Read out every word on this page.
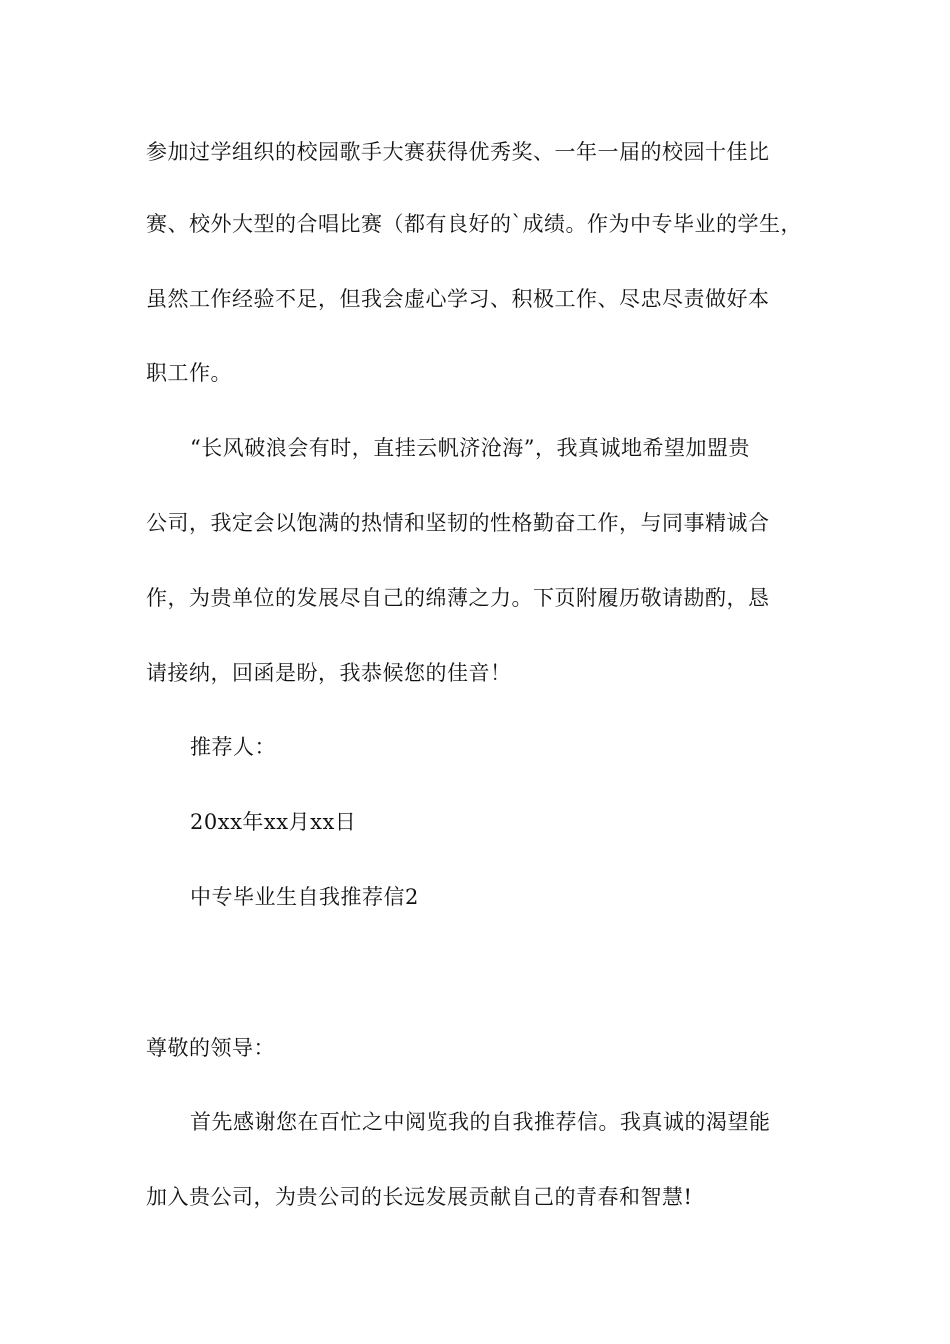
参加过学组织的校园歌手大赛获得优秀奖、一年一届的校园十佳比
赛、校外大型的合唱比赛（都有良好的`成绩。作为中专毕业的学生，
虽然工作经验不足，但我会虚心学习、积极工作、尽忠尽责做好本
职工作。
“长风破浪会有时，直挂云帆济沧海”，我真诚地希望加盟贵
公司，我定会以饱满的热情和坚韧的性格勤奋工作，与同事精诚合
作，为贵单位的发展尽自己的绵薄之力。下页附履历敬请勘酌，恳
请接纳，回函是盼，我恭候您的佳音！
推荐人：
20xx年xx月xx日
中专毕业生自我推荐信2
尊敬的领导：
首先感谢您在百忙之中阅览我的自我推荐信。我真诚的渴望能
加入贵公司，为贵公司的长远发展贡献自己的青春和智慧!
